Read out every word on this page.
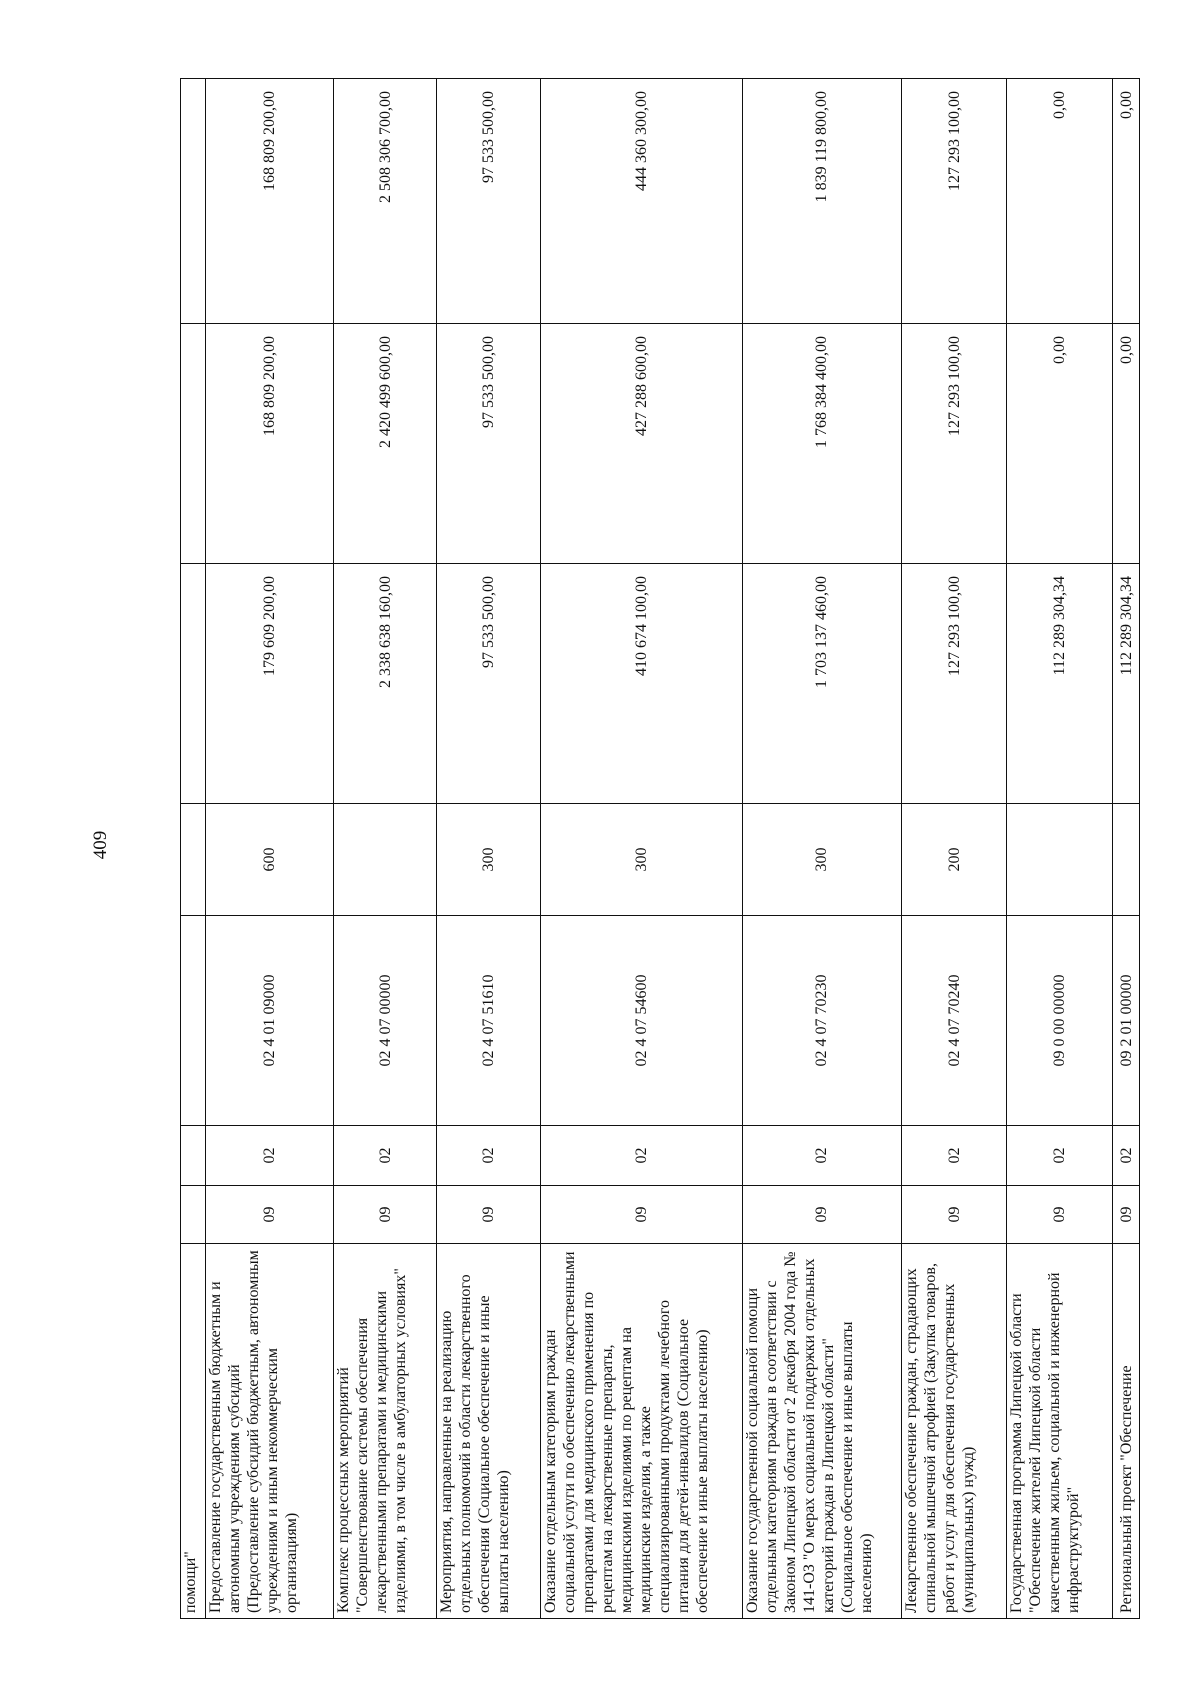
409
помощи"							
Предоставление государственным бюджетным и автономным учреждениям субсидий (Предоставление субсидий бюджетным, автономным учреждениям и иным некоммерческим организациям)	09	02	02 4 01 09000	600	179 609 200,00	168 809 200,00	168 809 200,00
Комплекс процессных мероприятий "Совершенствование системы обеспечения лекарственными препаратами и медицинскими изделиями, в том числе в амбулаторных условиях"	09	02	02 4 07 00000		2 338 638 160,00	2 420 499 600,00	2 508 306 700,00
Мероприятия, направленные на реализацию отдельных полномочий в области лекарственного обеспечения (Социальное обеспечение и иные выплаты населению)	09	02	02 4 07 51610	300	97 533 500,00	97 533 500,00	97 533 500,00
Оказание отдельным категориям граждан социальной услуги по обеспечению лекарственными препаратами для медицинского применения по рецептам на лекарственные препараты, медицинскими изделиями по рецептам на медицинские изделия, а также специализированными продуктами лечебного питания для детей-инвалидов (Социальное обеспечение и иные выплаты населению)	09	02	02 4 07 54600	300	410 674 100,00	427 288 600,00	444 360 300,00
Оказание государственной социальной помощи отдельным категориям граждан в соответствии с Законом Липецкой области от 2 декабря 2004 года № 141-ОЗ "О мерах социальной поддержки отдельных категорий граждан в Липецкой области" (Социальное обеспечение и иные выплаты населению)	09	02	02 4 07 70230	300	1 703 137 460,00	1 768 384 400,00	1 839 119 800,00
Лекарственное обеспечение граждан, страдающих спинальной мышечной атрофией (Закупка товаров, работ и услуг для обеспечения государственных (муниципальных) нужд)	09	02	02 4 07 70240	200	127 293 100,00	127 293 100,00	127 293 100,00
Государственная программа Липецкой области "Обеспечение жителей Липецкой области качественным жильем, социальной и инженерной инфраструктурой"	09	02	09 0 00 00000		112 289 304,34	0,00	0,00
Региональный проект "Обеспечение	09	02	09 2 01 00000		112 289 304,34	0,00	0,00
